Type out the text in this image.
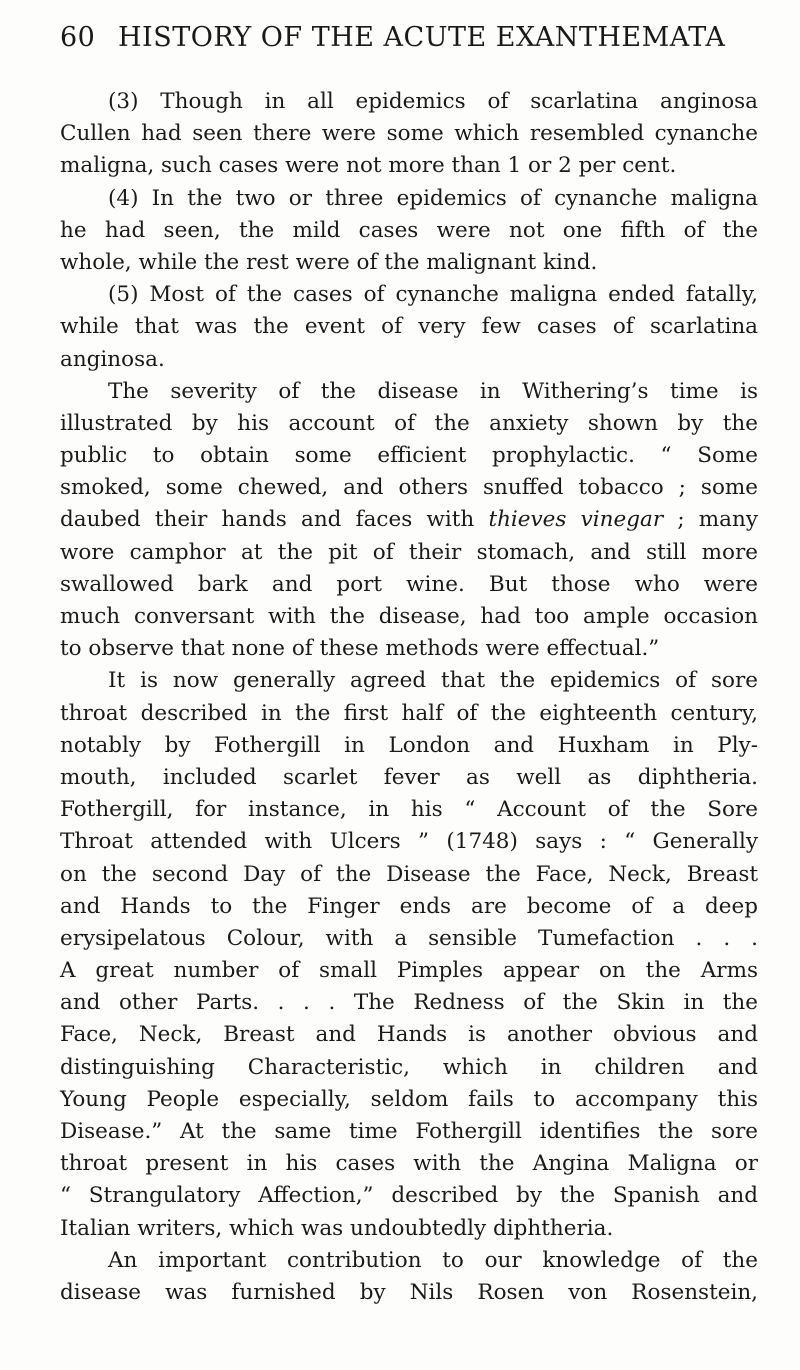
60 HISTORY OF THE ACUTE EXANTHEMATA
(3) Though in all epidemics of scarlatina anginosa
Cullen had seen there were some which resembled cynanche
maligna, such cases were not more than 1 or 2 per cent.
(4) In the two or three epidemics of cynanche maligna
he had seen, the mild cases were not one fifth of the
whole, while the rest were of the malignant kind.
(5) Most of the cases of cynanche maligna ended fatally,
while that was the event of very few cases of scarlatina
anginosa.
The severity of the disease in Withering’s time is
illustrated by his account of the anxiety shown by the
public to obtain some efficient prophylactic. “ Some
smoked, some chewed, and others snuffed tobacco ; some
daubed their hands and faces with thieves vinegar ; many
wore camphor at the pit of their stomach, and still more
swallowed bark and port wine. But those who were
much conversant with the disease, had too ample occasion
to observe that none of these methods were effectual.”
It is now generally agreed that the epidemics of sore
throat described in the first half of the eighteenth century,
notably by Fothergill in London and Huxham in Ply-
mouth, included scarlet fever as well as diphtheria.
Fothergill, for instance, in his “ Account of the Sore
Throat attended with Ulcers ” (1748) says : “ Generally
on the second Day of the Disease the Face, Neck, Breast
and Hands to the Finger ends are become of a deep
erysipelatous Colour, with a sensible Tumefaction . . .
A great number of small Pimples appear on the Arms
and other Parts. . . . The Redness of the Skin in the
Face, Neck, Breast and Hands is another obvious and
distinguishing Characteristic, which in children and
Young People especially, seldom fails to accompany this
Disease.” At the same time Fothergill identifies the sore
throat present in his cases with the Angina Maligna or
“ Strangulatory Affection,” described by the Spanish and
Italian writers, which was undoubtedly diphtheria.
An important contribution to our knowledge of the
disease was furnished by Nils Rosen von Rosenstein,
